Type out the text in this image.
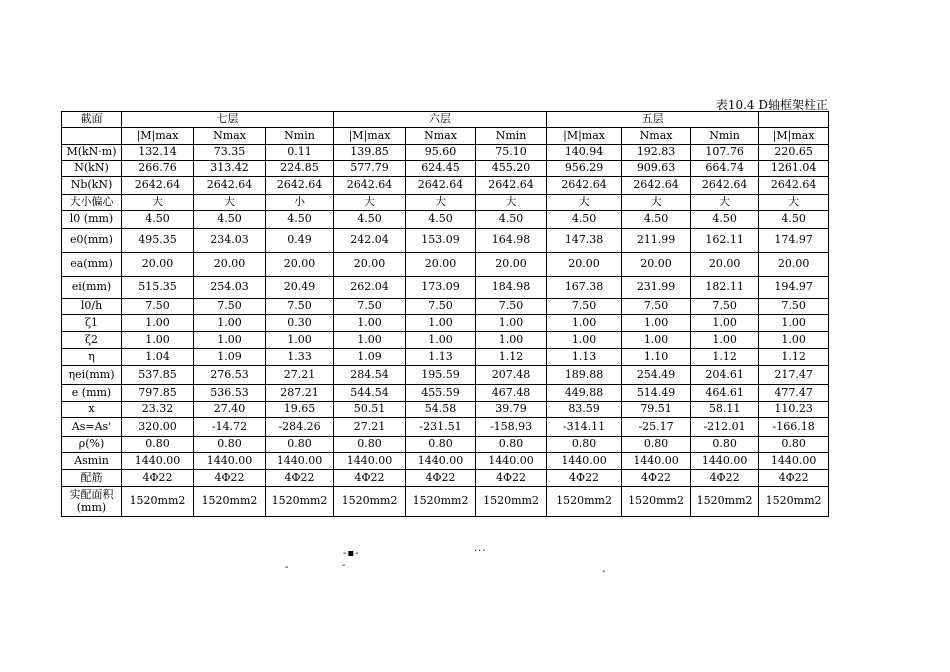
表10.4 D轴框架柱正
截面	七层			六层			五层			
	|M|max	Nmax	Nmin	|M|max	Nmax	Nmin	|M|max	Nmax	Nmin	|M|max
M(kN·m)	132.14	73.35	0.11	139.85	95.60	75.10	140.94	192.83	107.76	220.65
N(kN)	266.76	313.42	224.85	577.79	624.45	455.20	956.29	909.63	664.74	1261.04
Nb(kN)	2642.64	2642.64	2642.64	2642.64	2642.64	2642.64	2642.64	2642.64	2642.64	2642.64
大小偏心	大	大	小	大	大	大	大	大	大	大
l0 (mm)	4.50	4.50	4.50	4.50	4.50	4.50	4.50	4.50	4.50	4.50
e0(mm)	495.35	234.03	0.49	242.04	153.09	164.98	147.38	211.99	162.11	174.97
ea(mm)	20.00	20.00	20.00	20.00	20.00	20.00	20.00	20.00	20.00	20.00
ei(mm)	515.35	254.03	20.49	262.04	173.09	184.98	167.38	231.99	182.11	194.97
l0/h	7.50	7.50	7.50	7.50	7.50	7.50	7.50	7.50	7.50	7.50
ζ1	1.00	1.00	0.30	1.00	1.00	1.00	1.00	1.00	1.00	1.00
ζ2	1.00	1.00	1.00	1.00	1.00	1.00	1.00	1.00	1.00	1.00
η	1.04	1.09	1.33	1.09	1.13	1.12	1.13	1.10	1.12	1.12
ηei(mm)	537.85	276.53	27.21	284.54	195.59	207.48	189.88	254.49	204.61	217.47
e (mm)	797.85	536.53	287.21	544.54	455.59	467.48	449.88	514.49	464.61	477.47
x	23.32	27.40	19.65	50.51	54.58	39.79	83.59	79.51	58.11	110.23
As=As'	320.00	-14.72	-284.26	27.21	-231.51	-158.93	-314.11	-25.17	-212.01	-166.18
ρ(%)	0.80	0.80	0.80	0.80	0.80	0.80	0.80	0.80	0.80	0.80
Asmin	1440.00	1440.00	1440.00	1440.00	1440.00	1440.00	1440.00	1440.00	1440.00	1440.00
配筋	4Φ22	4Φ22	4Φ22	4Φ22	4Φ22	4Φ22	4Φ22	4Φ22	4Φ22	4Φ22

实配面积
(mm)	1520mm2	1520mm2	1520mm2	1520mm2	1520mm2	1520mm2	1520mm2	1520mm2	1520mm2	1520mm2
-▪-	···
-	-
-
